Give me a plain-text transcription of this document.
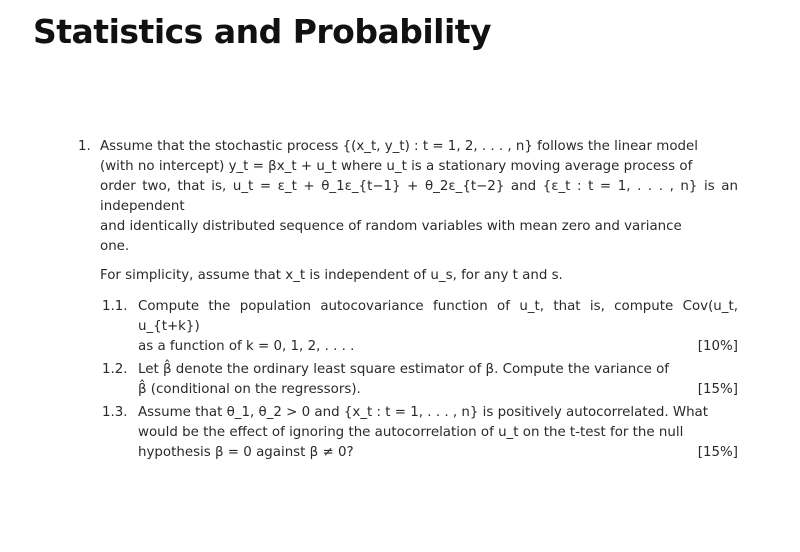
Statistics and Probability
1. Assume that the stochastic process {(x_t, y_t) : t = 1, 2, . . . , n} follows the linear model

(with no intercept) y_t = βx_t + u_t where u_t is a stationary moving average process of

order two, that is, u_t = ε_t + θ_1ε_{t−1} + θ_2ε_{t−2} and {ε_t : t = 1, . . . , n} is an independent

and identically distributed sequence of random variables with mean zero and variance

one.

For simplicity, assume that x_t is independent of u_s, for any t and s.

1.1. Compute the population autocovariance function of u_t, that is, compute Cov(u_t, u_{t+k})
as a function of k = 0, 1, 2, . . . .	[10%]
1.2. Let β̂ denote the ordinary least square estimator of β. Compute the variance of
β̂ (conditional on the regressors).	[15%]
1.3. Assume that θ_1, θ_2 > 0 and {x_t : t = 1, . . . , n} is positively autocorrelated. What
would be the effect of ignoring the autocorrelation of u_t on the t-test for the null
hypothesis β = 0 against β ≠ 0?	[15%]
